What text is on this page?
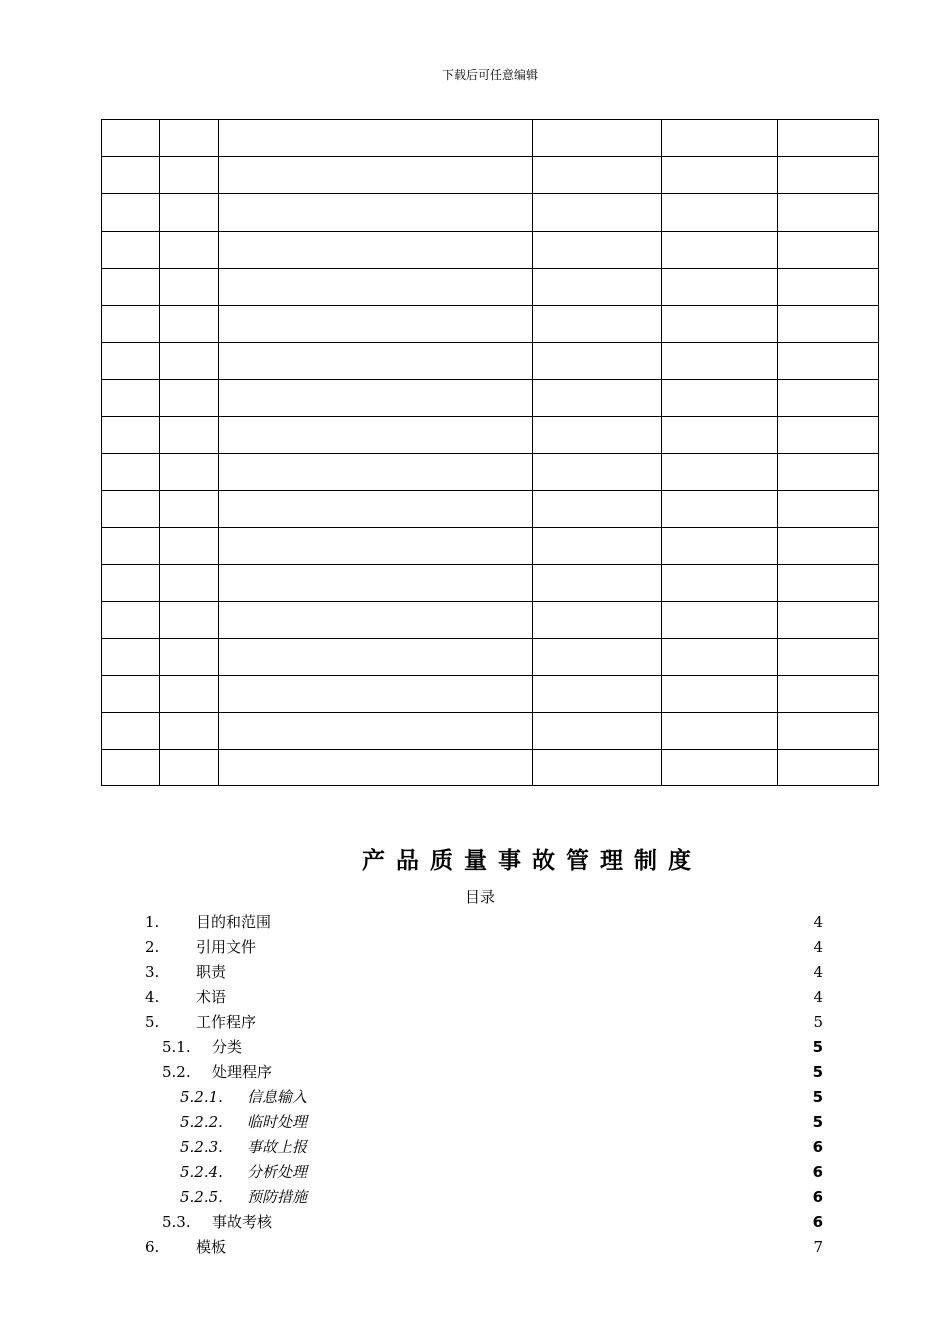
下载后可任意编辑

产品质量事故管理制度
目录
1. 目的和范围	4
2. 引用文件	4
3. 职责	4
4. 术语	4
5. 工作程序	5
5.1. 分类	5
5.2. 处理程序	5
5.2.1. 信息输入	5
5.2.2. 临时处理	5
5.2.3. 事故上报	6
5.2.4. 分析处理	6
5.2.5. 预防措施	6
5.3. 事故考核	6
6. 模板	7
